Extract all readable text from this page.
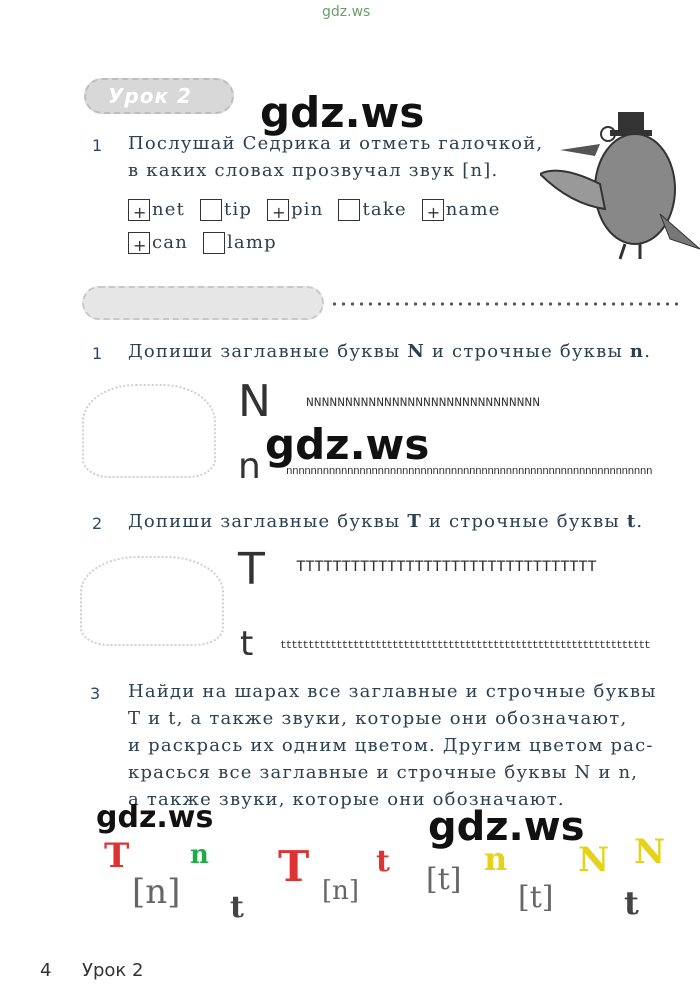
gdz.ws
Урок 2	gdz.ws
1 Послушай Седрика и отметь галочкой,
в каких словах прозвучал звук [n].
+ net
tip
+ pin
take
+ name
+ can
lamp
1 Допиши заглавные буквы N и строчные буквы n.
N	NNNNNNNNNNNNNNNNNNNNNNNNNNNNNN
gdz.ws
n nnnnnnnnnnnnnnnnnnnnnnnnnnnnnnnnnnnnnnnnnnnnnnnnnnnnnnnnnnnn
2 Допиши заглавные буквы T и строчные буквы t.
T TTTTTTTTTTTTTTTTTTTTTTTTTTTTTTTTT
t tttttttttttttttttttttttttttttttttttttttttttttttttttttttttttttttttt
3 Найди на шарах все заглавные и строчные буквы
T и t, а также звуки, которые они обозначают,
и раскрась их одним цветом. Другим цветом рас-
красься все заглавные и строчные буквы N и n,
а также звуки, которые они обозначают.
gdz.ws	gdz.ws
T n
[n] t
T [n]
t
[t]
n
[t]
N N
t
4 Урок 2
